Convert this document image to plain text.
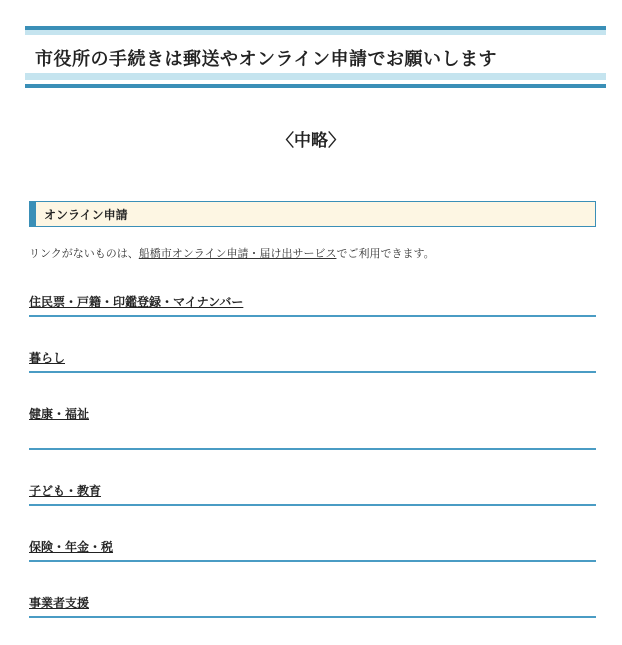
市役所の手続きは郵送やオンライン申請でお願いします
〈中略〉
オンライン申請
リンクがないものは、船橋市オンライン申請・届け出サービスでご利用できます。
住民票・戸籍・印鑑登録・マイナンバー
暮らし
健康・福祉
子ども・教育
保険・年金・税
事業者支援
